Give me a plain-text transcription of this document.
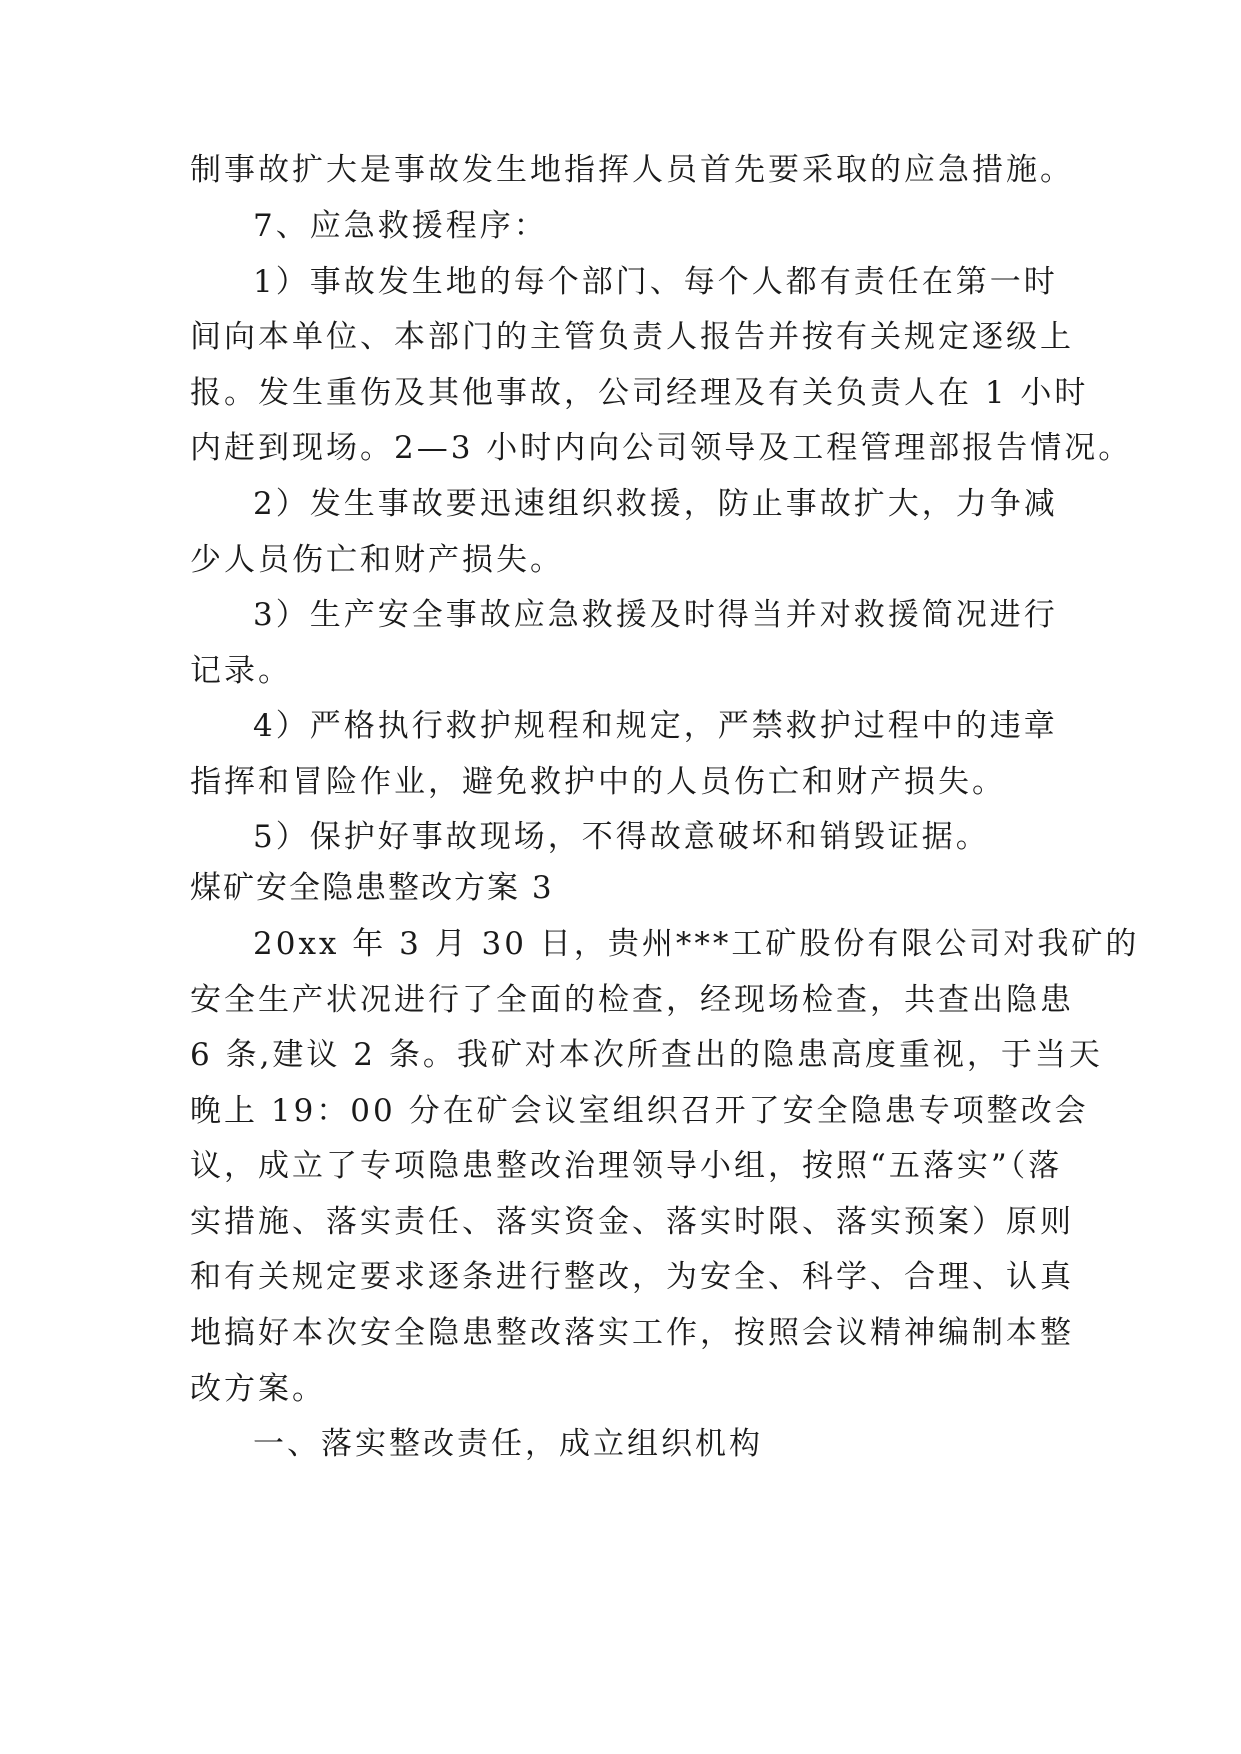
制事故扩大是事故发生地指挥人员首先要采取的应急措施。
7、应急救援程序：
1）事故发生地的每个部门、每个人都有责任在第一时
间向本单位、本部门的主管负责人报告并按有关规定逐级上
报。发生重伤及其他事故，公司经理及有关负责人在 1 小时
内赶到现场。2—3 小时内向公司领导及工程管理部报告情况。
2）发生事故要迅速组织救援，防止事故扩大，力争减
少人员伤亡和财产损失。
3）生产安全事故应急救援及时得当并对救援简况进行
记录。
4）严格执行救护规程和规定，严禁救护过程中的违章
指挥和冒险作业，避免救护中的人员伤亡和财产损失。
5）保护好事故现场，不得故意破坏和销毁证据。
煤矿安全隐患整改方案 3
20xx 年 3 月 30 日，贵州***工矿股份有限公司对我矿的
安全生产状况进行了全面的检查，经现场检查，共查出隐患
6 条,建议 2 条。我矿对本次所查出的隐患高度重视，于当天
晚上 19：00 分在矿会议室组织召开了安全隐患专项整改会
议，成立了专项隐患整改治理领导小组，按照“五落实”（落
实措施、落实责任、落实资金、落实时限、落实预案）原则
和有关规定要求逐条进行整改，为安全、科学、合理、认真
地搞好本次安全隐患整改落实工作，按照会议精神编制本整
改方案。
一、落实整改责任，成立组织机构
